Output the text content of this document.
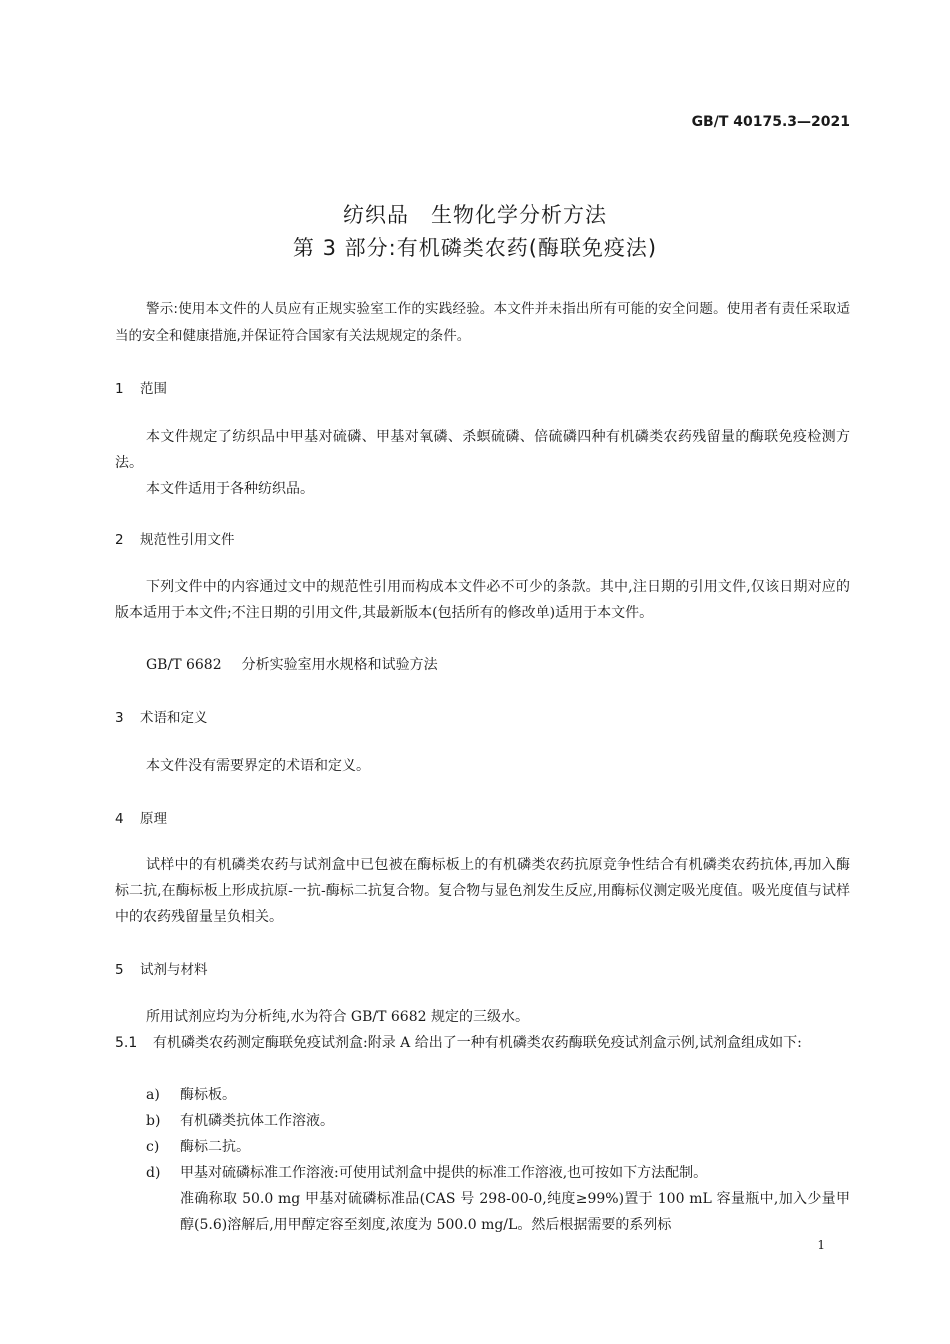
GB/T 40175.3—2021
纺织品　生物化学分析方法
第 3 部分:有机磷类农药(酶联免疫法)
警示:使用本文件的人员应有正规实验室工作的实践经验。本文件并未指出所有可能的安全问题。使用者有责任采取适当的安全和健康措施,并保证符合国家有关法规规定的条件。
1 范围
本文件规定了纺织品中甲基对硫磷、甲基对氧磷、杀螟硫磷、倍硫磷四种有机磷类农药残留量的酶联免疫检测方法。
本文件适用于各种纺织品。
2 规范性引用文件
下列文件中的内容通过文中的规范性引用而构成本文件必不可少的条款。其中,注日期的引用文件,仅该日期对应的版本适用于本文件;不注日期的引用文件,其最新版本(包括所有的修改单)适用于本文件。
GB/T 6682 分析实验室用水规格和试验方法
3 术语和定义
本文件没有需要界定的术语和定义。
4 原理
试样中的有机磷类农药与试剂盒中已包被在酶标板上的有机磷类农药抗原竞争性结合有机磷类农药抗体,再加入酶标二抗,在酶标板上形成抗原-一抗-酶标二抗复合物。复合物与显色剂发生反应,用酶标仪测定吸光度值。吸光度值与试样中的农药残留量呈负相关。
5 试剂与材料
所用试剂应均为分析纯,水为符合 GB/T 6682 规定的三级水。
5.1 有机磷类农药测定酶联免疫试剂盒:附录 A 给出了一种有机磷类农药酶联免疫试剂盒示例,试剂盒组成如下:
a) 酶标板。
b) 有机磷类抗体工作溶液。
c) 酶标二抗。
d) 甲基对硫磷标准工作溶液:可使用试剂盒中提供的标准工作溶液,也可按如下方法配制。
准确称取 50.0 mg 甲基对硫磷标准品(CAS 号 298-00-0,纯度≥99%)置于 100 mL 容量瓶中,加入少量甲醇(5.6)溶解后,用甲醇定容至刻度,浓度为 500.0 mg/L。然后根据需要的系列标
1
